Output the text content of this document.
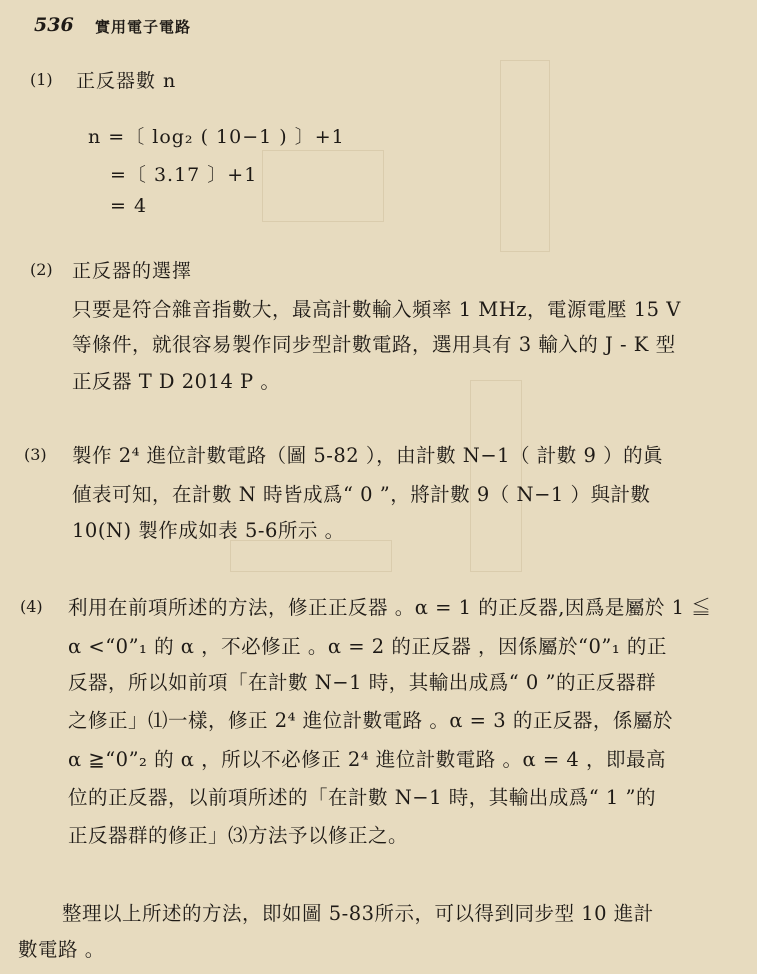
536 實用電子電路
(1) 正反器數 n
n =〔 log₂ ( 10−1 ) 〕+1
=〔 3.17 〕+1
= 4
(2) 正反器的選擇
只要是符合雜音指數大，最高計數輸入頻率 1 MHz，電源電壓 15 V
等條件，就很容易製作同步型計數電路，選用具有 3 輸入的 J - K 型
正反器 T D 2014 P 。
(3) 製作 2⁴ 進位計數電路（圖 5-82 ），由計數 N−1（ 計數 9 ）的眞
値表可知，在計數 N 時皆成爲“ 0 ”，將計數 9（ N−1 ）與計數
10(N) 製作成如表 5-6所示 。
(4) 利用在前項所述的方法，修正正反器 。α = 1 的正反器,因爲是屬於 1 ≦
α <“0”₁ 的 α ，不必修正 。α = 2 的正反器 ，因係屬於“0”₁ 的正
反器，所以如前項「在計數 N−1 時，其輸出成爲“ 0 ”的正反器群
之修正」⑴一樣，修正 2⁴ 進位計數電路 。α = 3 的正反器，係屬於
α ≧“0”₂ 的 α ，所以不必修正 2⁴ 進位計數電路 。α = 4 ，即最高
位的正反器，以前項所述的「在計數 N−1 時，其輸出成爲“ 1 ”的
正反器群的修正」⑶方法予以修正之。
整理以上所述的方法，即如圖 5-83所示，可以得到同步型 10 進計
數電路 。
